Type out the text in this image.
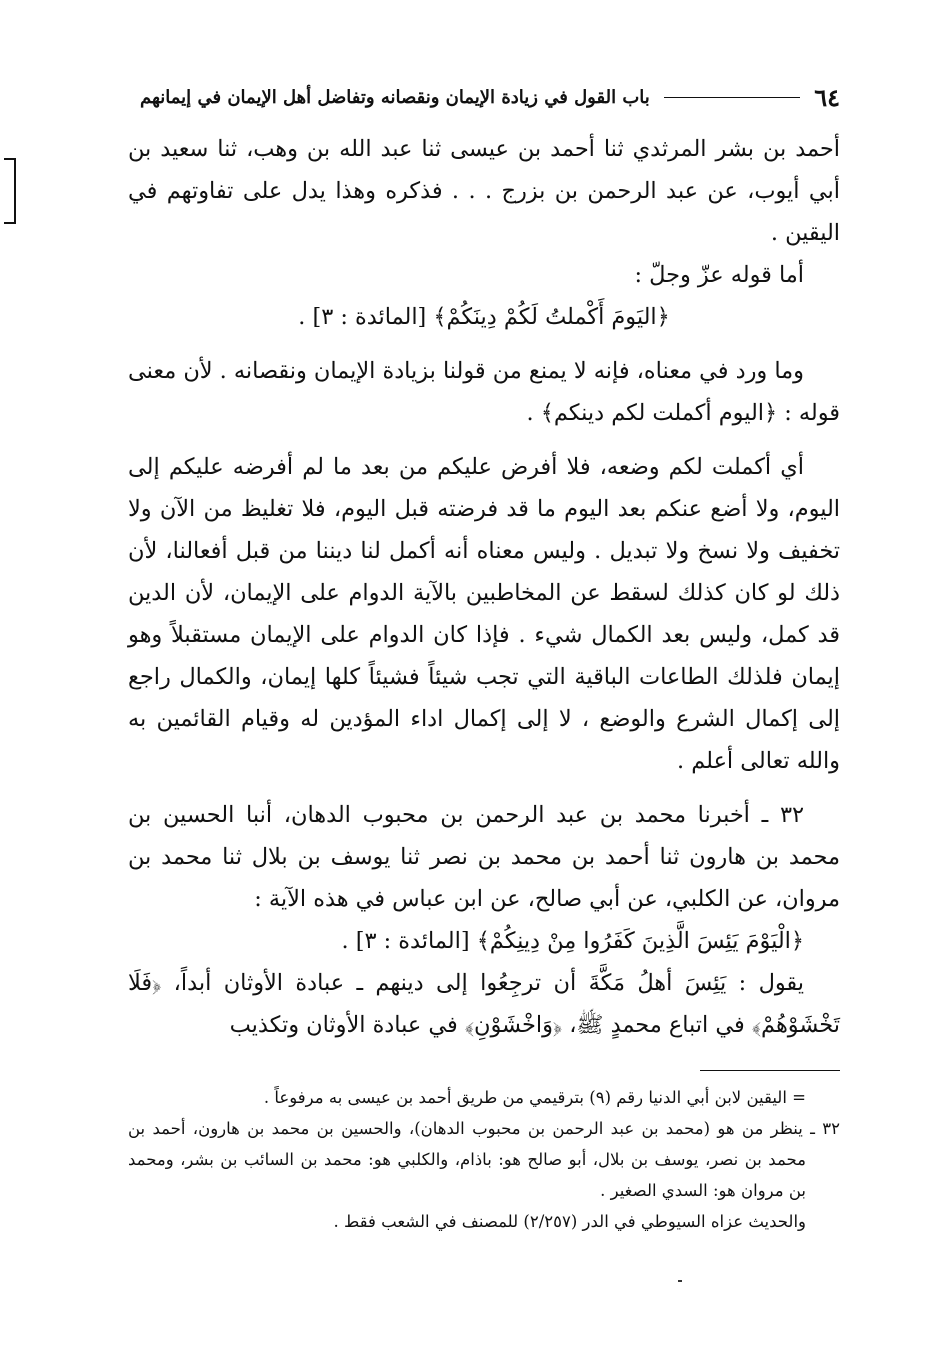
٦٤
باب القول في زيادة الإيمان ونقصانه وتفاضل أهل الإيمان في إيمانهم

أحمد بن بشر المرثدي ثنا أحمد بن عيسى ثنا عبد الله بن وهب، ثنا سعيد بن أبي أيوب، عن عبد الرحمن بن بزرج . . . فذكره وهذا يدل على تفاوتهم في اليقين .

أما قوله عزّ وجلّ :

﴿اليَومَ أَكْملتُ لَكُمْ دِينَكُمْ﴾ [المائدة : ٣] .

وما ورد في معناه، فإنه لا يمنع من قولنا بزيادة الإيمان ونقصانه . لأن معنى قوله : ﴿اليوم أكملت لكم دينكم﴾ .

أي أكملت لكم وضعه، فلا أفرض عليكم من بعد ما لم أفرضه عليكم إلى اليوم، ولا أضع عنكم بعد اليوم ما قد فرضته قبل اليوم، فلا تغليظ من الآن ولا تخفيف ولا نسخ ولا تبديل . وليس معناه أنه أكمل لنا ديننا من قبل أفعالنا، لأن ذلك لو كان كذلك لسقط عن المخاطبين بالآية الدوام على الإيمان، لأن الدين قد كمل، وليس بعد الكمال شيء . فإذا كان الدوام على الإيمان مستقبلاً وهو إيمان فلذلك الطاعات الباقية التي تجب شيئاً فشيئاً كلها إيمان، والكمال راجع إلى إكمال الشرع والوضع ، لا إلى إكمال اداء المؤدين له وقيام القائمين به والله تعالى أعلم .

٣٢ ـ أخبرنا محمد بن عبد الرحمن بن محبوب الدهان، أنبا الحسين بن محمد بن هارون ثنا أحمد بن محمد بن نصر ثنا يوسف بن بلال ثنا محمد بن مروان، عن الكلبي، عن أبي صالح، عن ابن عباس في هذه الآية :

﴿الْيَوْمَ يَئِسَ الَّذِينَ كَفَرُوا مِنْ دِينِكُمْ﴾ [المائدة : ٣] .

يقول : يَئِسَ أهلُ مَكَّةَ أن ترجِعُوا إلى دينهم ـ عبادة الأوثان أبداً، ﴿فَلَا تَخْشَوْهُمْ﴾ في اتباع محمدٍ ﷺ، ﴿وَاخْشَوْنِ﴾ في عبادة الأوثان وتكذيب

= اليقين لابن أبي الدنيا رقم (٩) بترقيمي من طريق أحمد بن عيسى به مرفوعاً .

٣٢ ـ ينظر من هو (محمد بن عبد الرحمن بن محبوب الدهان)، والحسين بن محمد بن هارون، أحمد بن محمد بن نصر، يوسف بن بلال، أبو صالح هو: باذام، والكلبي هو: محمد بن السائب بن بشر، ومحمد بن مروان هو: السدي الصغير .

والحديث عزاه السيوطي في الدر (٢/٢٥٧) للمصنف في الشعب فقط .
